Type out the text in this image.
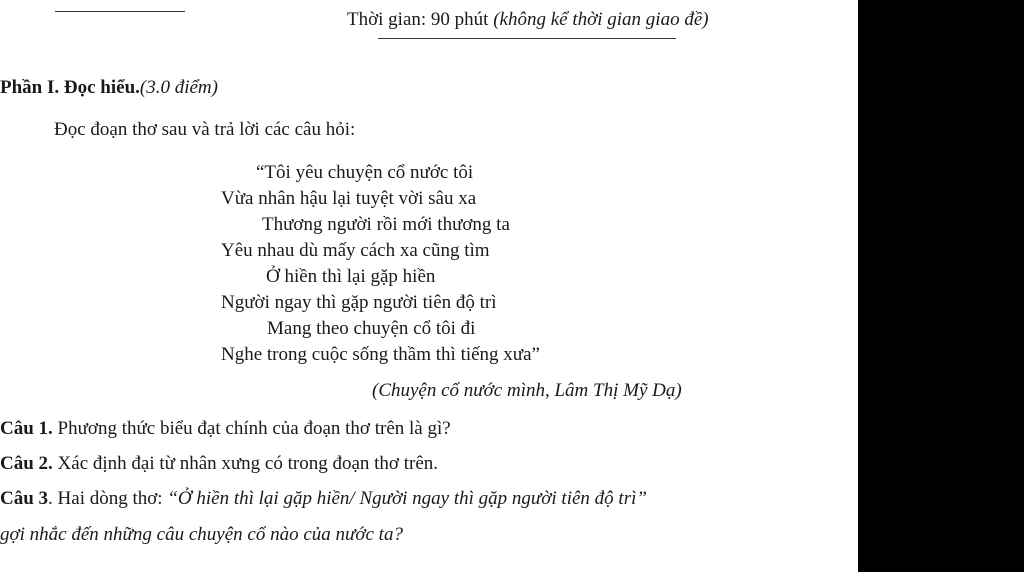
Thời gian: 90 phút (không kể thời gian giao đề)
Phần I. Đọc hiểu.(3.0 điểm)
Đọc đoạn thơ sau và trả lời các câu hỏi:
“Tôi yêu chuyện cổ nước tôi
Vừa nhân hậu lại tuyệt vời sâu xa
Thương người rồi mới thương ta
Yêu nhau dù mấy cách xa cũng tìm
Ở hiền thì lại gặp hiền
Người ngay thì gặp người tiên độ trì
Mang theo chuyện cổ tôi đi
Nghe trong cuộc sống thầm thì tiếng xưa”
(Chuyện cổ nước mình, Lâm Thị Mỹ Dạ)
Câu 1. Phương thức biểu đạt chính của đoạn thơ trên là gì?
Câu 2. Xác định đại từ nhân xưng có trong đoạn thơ trên.
Câu 3. Hai dòng thơ: “Ở hiền thì lại gặp hiền/ Người ngay thì gặp người tiên độ trì”
gợi nhắc đến những câu chuyện cổ nào của nước ta?
